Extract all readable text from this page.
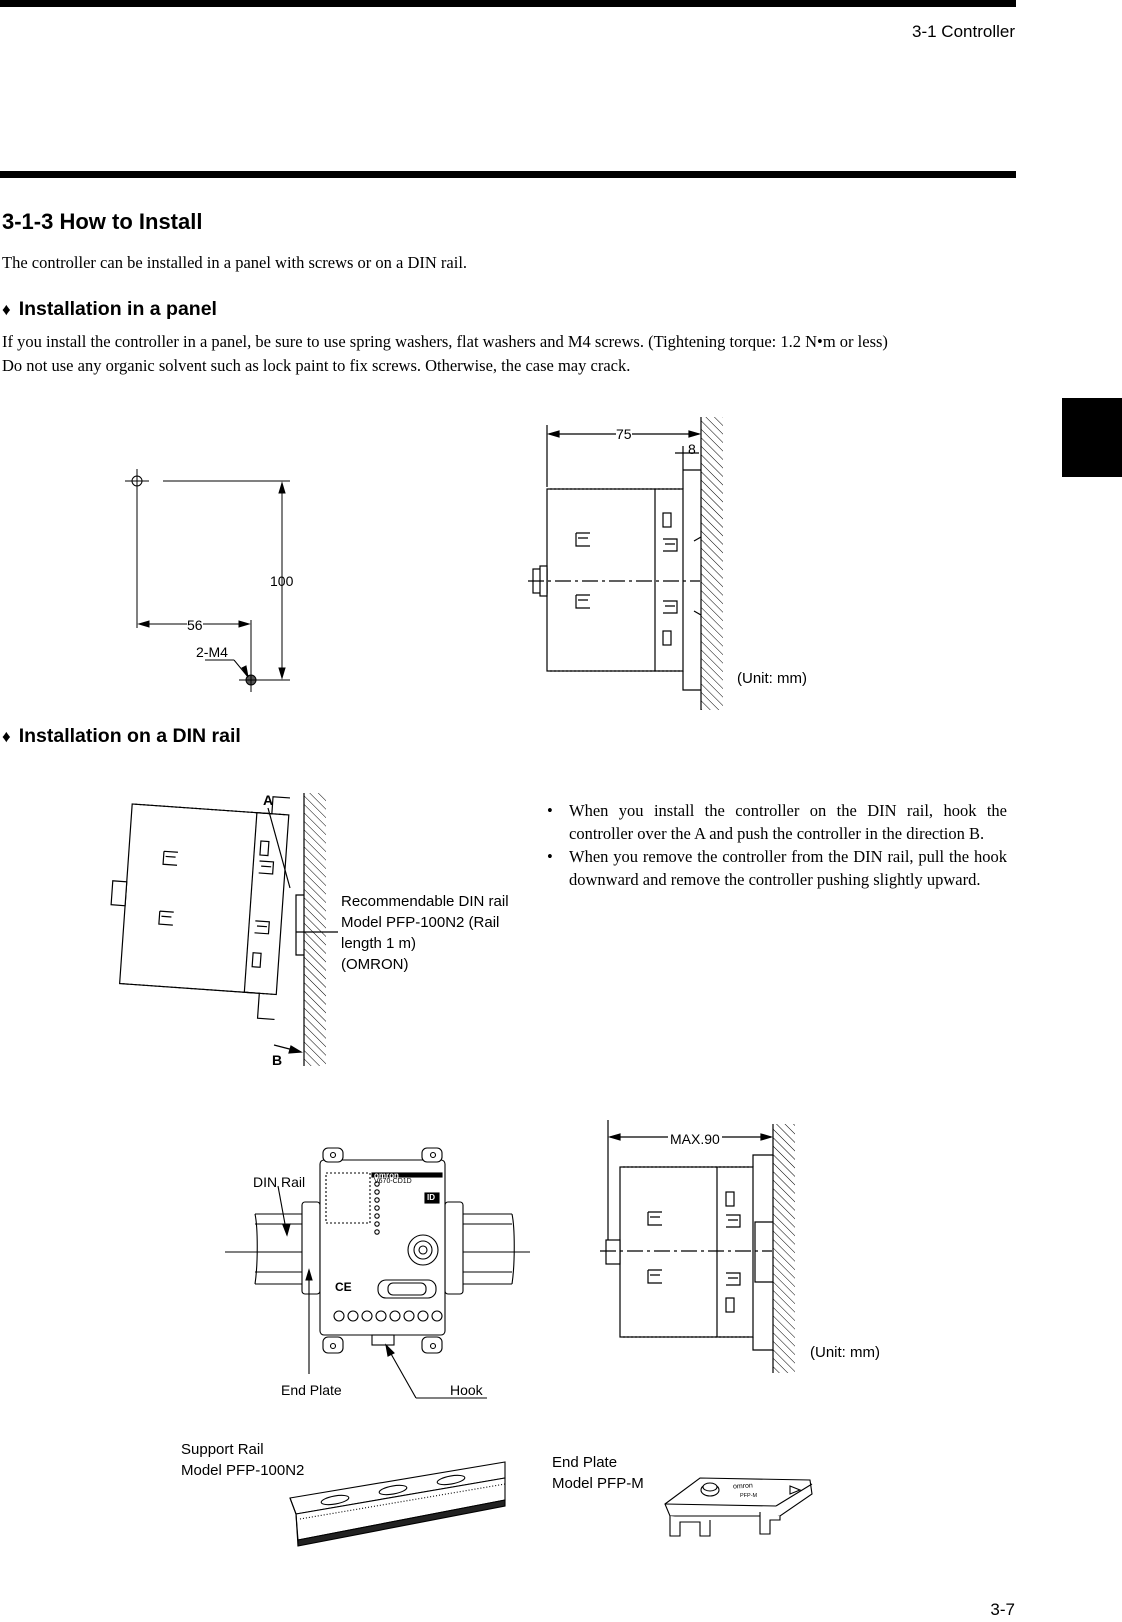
3-1 Controller
3-1-3 How to Install
The controller can be installed in a panel with screws or on a DIN rail.
♦ Installation in a panel
If you install the controller in a panel, be sure to use spring washers, flat washers and M4 screws. (Tightening torque: 1.2 N•m or less)
Do not use any organic solvent such as lock paint to fix screws. Otherwise, the case may crack.
100
56
2-M4
75
8
(Unit: mm)
♦ Installation on a DIN rail
A
B
Recommendable DIN rail
Model PFP-100N2 (Rail
length 1 m)
(OMRON)
• When you install the controller on the DIN rail, hook the controller over the A and push the controller in the direction B.
• When you remove the controller from the DIN rail, pull the hook downward and remove the controller pushing slightly upward.
omron
V670-CD1D
ID
CE
DIN Rail
End Plate	Hook
MAX.90
(Unit: mm)
Support Rail
Model PFP-100N2	End Plate
Model PFP-M	omron
PFP-M
3-7
